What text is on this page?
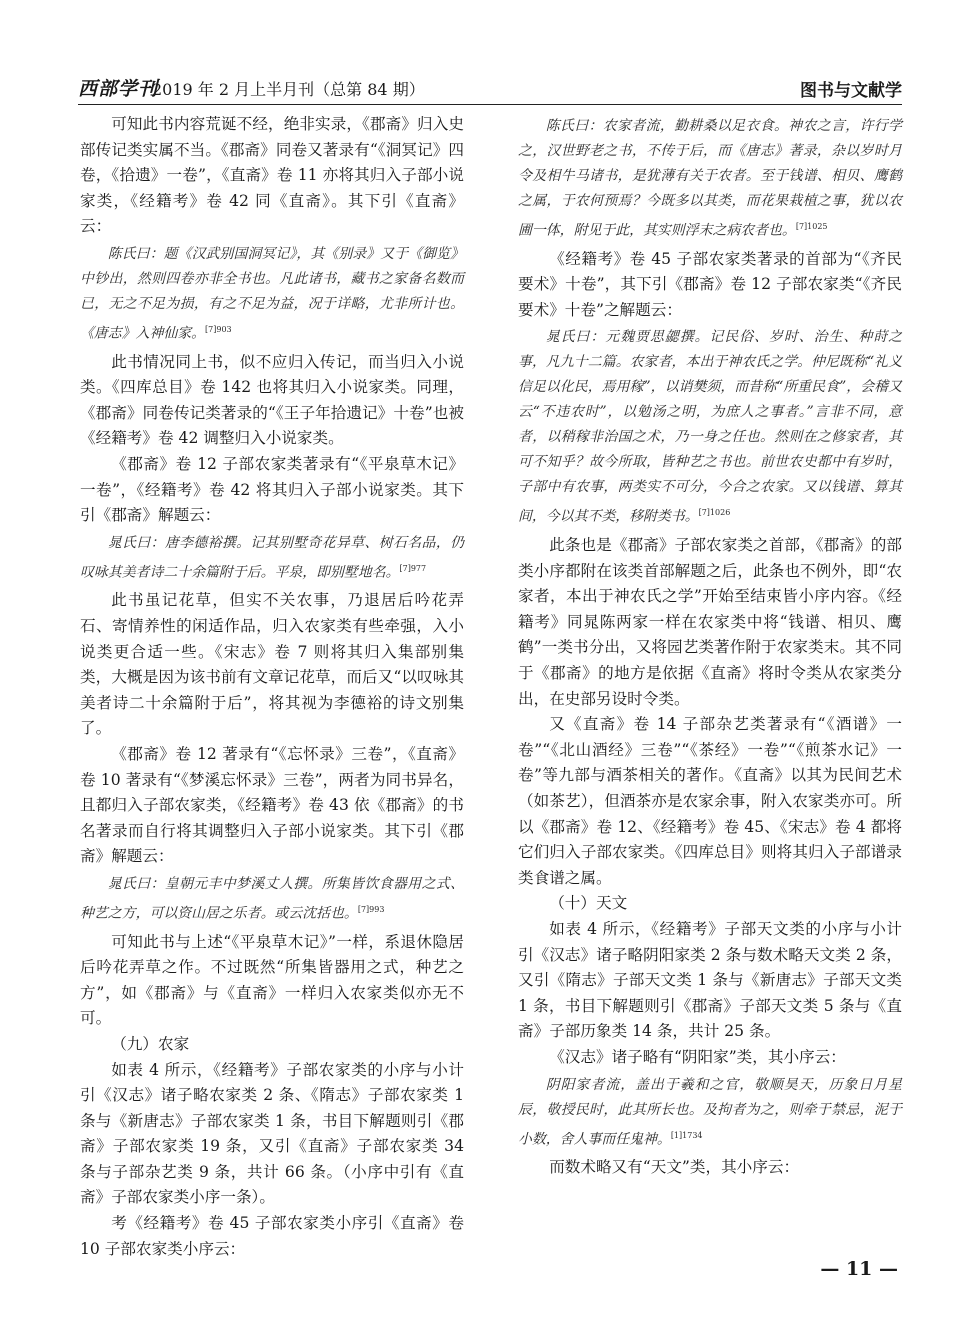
西部学刊
2019 年 2 月上半月刊（总第 84 期）	图书与文献学

可知此书内容荒诞不经，绝非实录，《郡斋》归入史部传记类实属不当。《郡斋》同卷又著录有“《洞冥记》四卷，《拾遗》一卷”，《直斋》卷 11 亦将其归入子部小说家类，《经籍考》卷 42 同《直斋》。其下引《直斋》云：

陈氏曰：题《汉武别国洞冥记》，其《别录》又于《御览》中钞出，然则四卷亦非全书也。凡此诸书，藏书之家备名数而已，无之不足为损，有之不足为益，况于详略，尤非所计也。《唐志》入神仙家。$^{[7]903}$

此书情况同上书，似不应归入传记，而当归入小说类。《四库总目》卷 142 也将其归入小说家类。同理，《郡斋》同卷传记类著录的“《王子年拾遗记》十卷”也被《经籍考》卷 42 调整归入小说家类。

《郡斋》卷 12 子部农家类著录有“《平泉草木记》一卷”，《经籍考》卷 42 将其归入子部小说家类。其下引《郡斋》解题云：

晁氏曰：唐李德裕撰。记其别墅奇花异草、树石名品，仍叹咏其美者诗二十余篇附于后。平泉，即别墅地名。$^{[7]977}$

此书虽记花草，但实不关农事，乃退居后吟花弄石、寄情养性的闲适作品，归入农家类有些牵强，入小说类更合适一些。《宋志》卷 7 则将其归入集部别集类，大概是因为该书前有文章记花草，而后又“以叹咏其美者诗二十余篇附于后”，将其视为李德裕的诗文别集了。

《郡斋》卷 12 著录有“《忘怀录》三卷”，《直斋》卷 10 著录有“《梦溪忘怀录》三卷”，两者为同书异名，且都归入子部农家类，《经籍考》卷 43 依《郡斋》的书名著录而自行将其调整归入子部小说家类。其下引《郡斋》解题云：

晁氏曰：皇朝元丰中梦溪丈人撰。所集皆饮食器用之式、种艺之方，可以资山居之乐者。或云沈括也。$^{[7]993}$

可知此书与上述“《平泉草木记》”一样，系退休隐居后吟花弄草之作。不过既然“所集皆器用之式，种艺之方”，如《郡斋》与《直斋》一样归入农家类似亦无不可。

（九）农家

如表 4 所示，《经籍考》子部农家类的小序与小计引《汉志》诸子略农家类 2 条、《隋志》子部农家类 1 条与《新唐志》子部农家类 1 条，书目下解题则引《郡斋》子部农家类 19 条，又引《直斋》子部农家类 34 条与子部杂艺类 9 条，共计 66 条。（小序中引有《直斋》子部农家类小序一条）。

考《经籍考》卷 45 子部农家类小序引《直斋》卷 10 子部农家类小序云：

陈氏曰：农家者流，勤耕桑以足衣食。神农之言，许行学之，汉世野老之书，不传于后，而《唐志》著录，杂以岁时月令及相牛马诸书，是犹薄有关于农者。至于钱谱、相贝、鹰鹤之属，于农何预焉？今既多以其类，而花果栽植之事，犹以农圃一体，附见于此，其实则浮末之病农者也。$^{[7]1025}$

《经籍考》卷 45 子部农家类著录的首部为“《齐民要术》十卷”，其下引《郡斋》卷 12 子部农家类“《齐民要术》十卷”之解题云：

晁氏曰：元魏贾思勰撰。记民俗、岁时、治生、种莳之事，凡九十二篇。农家者，本出于神农氏之学。仲尼既称“礼义信足以化民，焉用稼”，以诮樊须，而昔称“所重民食”，会稽又云“不违农时”，以勉汤之明，为庶人之事者。”言非不同，意者，以稍稼非治国之术，乃一身之任也。然则在之修家者，其可不知乎？故今所取，皆种艺之书也。前世农史都中有岁时，子部中有农事，两类实不可分，今合之农家。又以钱谱、算其间，今以其不类，移附类书。$^{[7]1026}$

此条也是《郡斋》子部农家类之首部，《郡斋》的部类小序都附在该类首部解题之后，此条也不例外，即“农家者，本出于神农氏之学”开始至结束皆小序内容。《经籍考》同晁陈两家一样在农家类中将“钱谱、相贝、鹰鹤”一类书分出，又将园艺类著作附于农家类末。其不同于《郡斋》的地方是依据《直斋》将时令类从农家类分出，在史部另设时令类。

又《直斋》卷 14 子部杂艺类著录有“《酒谱》一卷”“《北山酒经》三卷”“《茶经》一卷”“《煎茶水记》一卷”等九部与酒茶相关的著作。《直斋》以其为民间艺术（如茶艺），但酒茶亦是农家余事，附入农家类亦可。所以《郡斋》卷 12、《经籍考》卷 45、《宋志》卷 4 都将它们归入子部农家类。《四库总目》则将其归入子部谱录类食谱之属。

（十）天文

如表 4 所示，《经籍考》子部天文类的小序与小计引《汉志》诸子略阴阳家类 2 条与数术略天文类 2 条，又引《隋志》子部天文类 1 条与《新唐志》子部天文类 1 条，书目下解题则引《郡斋》子部天文类 5 条与《直斋》子部历象类 14 条，共计 25 条。

《汉志》诸子略有“阴阳家”类，其小序云：

阴阳家者流，盖出于羲和之官，敬顺昊天，历象日月星辰，敬授民时，此其所长也。及拘者为之，则牵于禁忌，泥于小数，舍人事而任鬼神。$^{[1]1734}$

而数术略又有“天文”类，其小序云：

— 11 —
